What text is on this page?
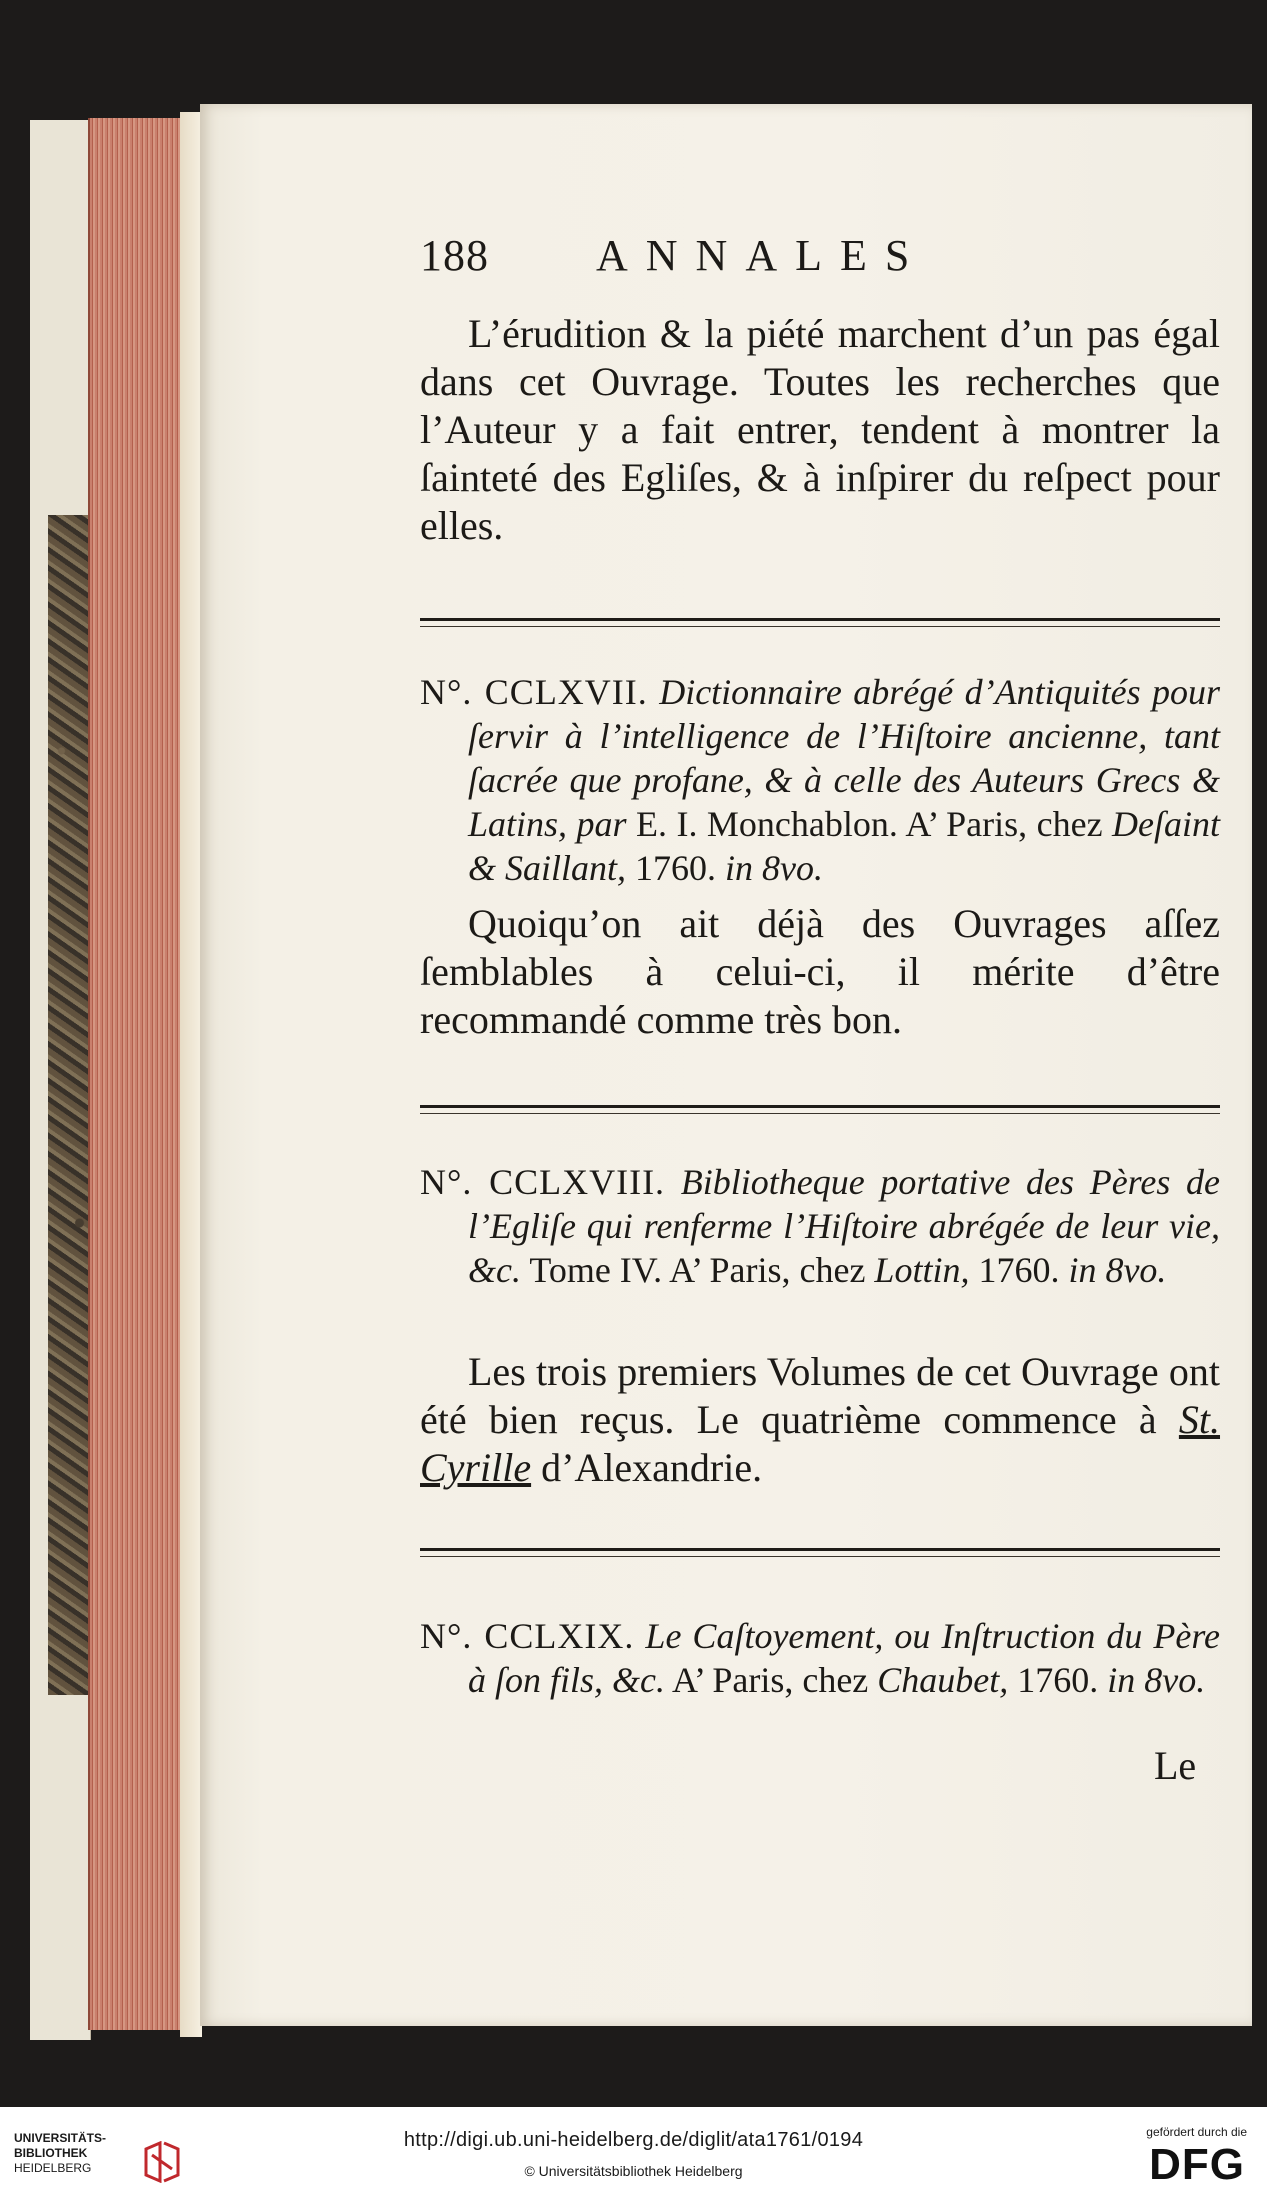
188 ANNALES

L’érudition & la piété marchent d’un pas égal dans cet Ouvrage. Toutes les recherches que l’Auteur y a fait entrer, tendent à montrer la ſainteté des Egliſes, & à inſpirer du reſpect pour elles.

N°. CCLXVII. Dictionnaire abrégé d’Antiquités pour ſervir à l’intelligence de l’Hiſtoire ancienne, tant ſacrée que profane, & à celle des Auteurs Grecs & Latins, par E. I. Monchablon. A’ Paris, chez Deſaint & Saillant, 1760. in 8vo.

Quoiqu’on ait déjà des Ouvrages aſſez ſemblables à celui-ci, il mérite d’être recommandé comme très bon.

N°. CCLXVIII. Bibliotheque portative des Pères de l’Egliſe qui renferme l’Hiſtoire abrégée de leur vie, &c. Tome IV. A’ Paris, chez Lottin, 1760. in 8vo.

Les trois premiers Volumes de cet Ouvrage ont été bien reçus. Le quatrième commence à St. Cyrille d’Alexandrie.

N°. CCLXIX. Le Caſtoyement, ou Inſtruction du Père à ſon fils, &c. A’ Paris, chez Chaubet, 1760. in 8vo.

Le
UNIVERSITÄTS-
BIBLIOTHEK
HEIDELBERG
http://digi.ub.uni-heidelberg.de/diglit/ata1761/0194
© Universitätsbibliothek Heidelberg
gefördert durch die
DFG
